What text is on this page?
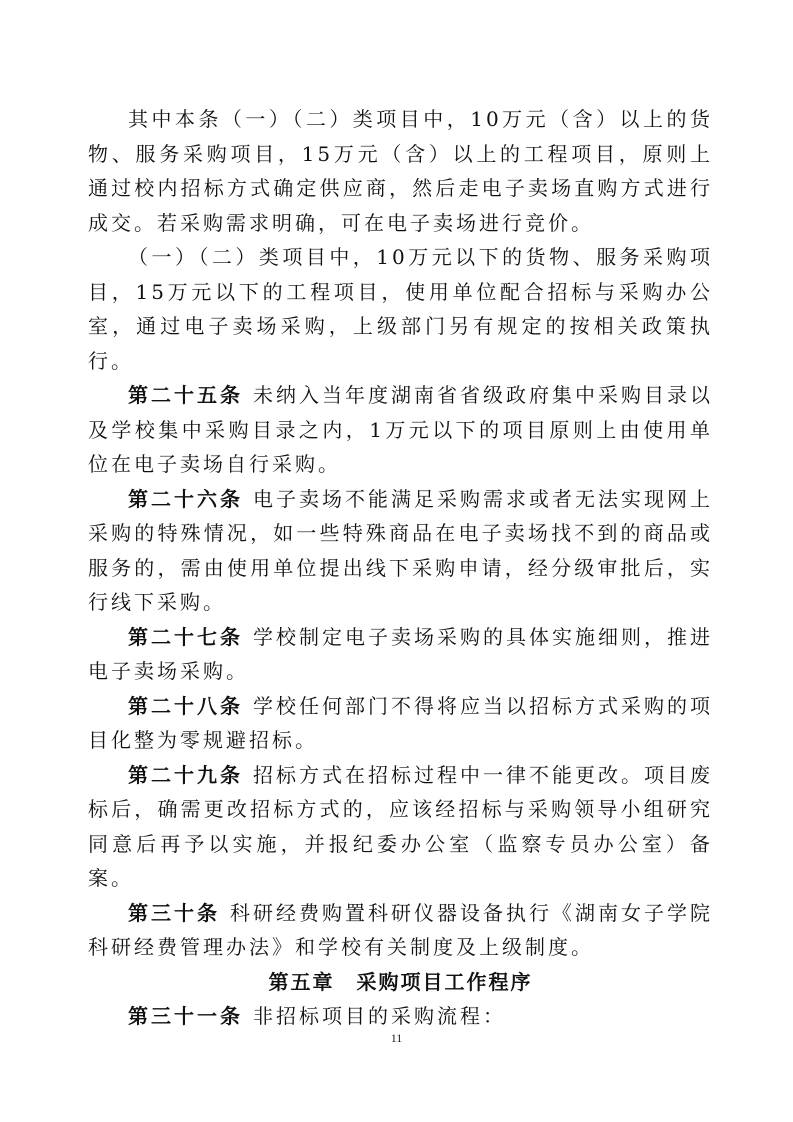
其中本条（一）（二）类项目中，10万元（含）以上的货物、服务采购项目，15万元（含）以上的工程项目，原则上通过校内招标方式确定供应商，然后走电子卖场直购方式进行成交。若采购需求明确，可在电子卖场进行竞价。

（一）（二）类项目中，10万元以下的货物、服务采购项目，15万元以下的工程项目，使用单位配合招标与采购办公室，通过电子卖场采购，上级部门另有规定的按相关政策执行。

第二十五条 未纳入当年度湖南省省级政府集中采购目录以及学校集中采购目录之内，1万元以下的项目原则上由使用单位在电子卖场自行采购。

第二十六条 电子卖场不能满足采购需求或者无法实现网上采购的特殊情况，如一些特殊商品在电子卖场找不到的商品或服务的，需由使用单位提出线下采购申请，经分级审批后，实行线下采购。

第二十七条 学校制定电子卖场采购的具体实施细则，推进电子卖场采购。

第二十八条 学校任何部门不得将应当以招标方式采购的项目化整为零规避招标。

第二十九条 招标方式在招标过程中一律不能更改。项目废标后，确需更改招标方式的，应该经招标与采购领导小组研究同意后再予以实施，并报纪委办公室（监察专员办公室）备案。

第三十条 科研经费购置科研仪器设备执行《湖南女子学院科研经费管理办法》和学校有关制度及上级制度。

第五章 采购项目工作程序

第三十一条 非招标项目的采购流程：

11
